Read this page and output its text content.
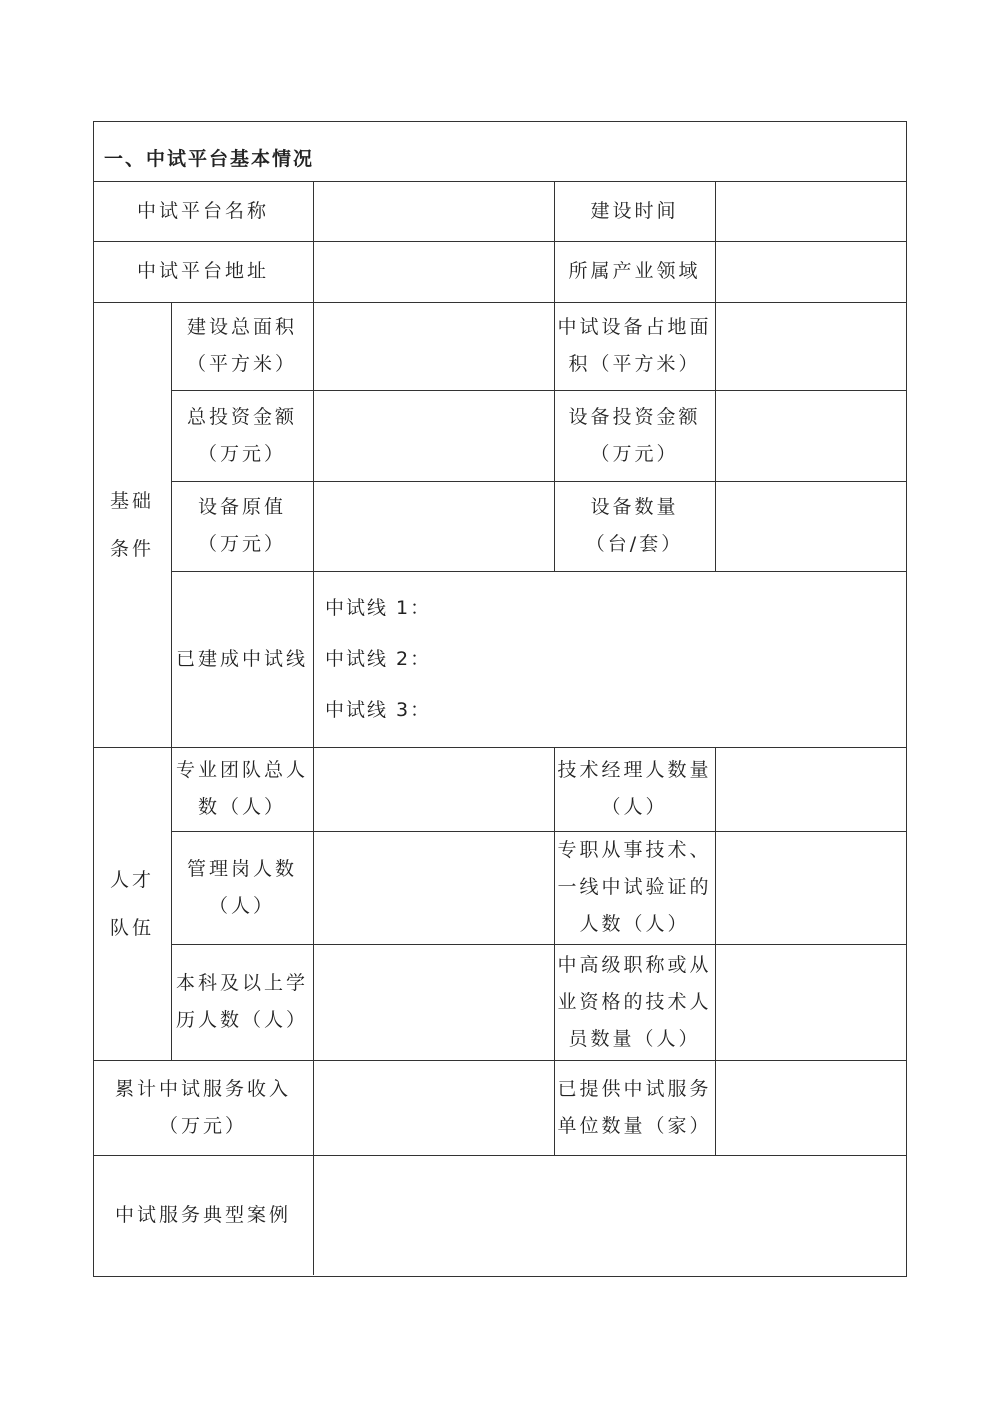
一、中试平台基本情况
中试平台名称	建设时间
中试平台地址	所属产业领域
基础
条件
建设总面积
（平方米）
中试设备占地面
积（平方米）
总投资金额
（万元）
设备投资金额
（万元）
设备原值
（万元）
设备数量
（台/套）
已建成中试线
中试线 1：
中试线 2：
中试线 3：
人才
队伍
专业团队总人
数（人）
技术经理人数量
（人）
管理岗人数
（人）
专职从事技术、
一线中试验证的
人数（人）
本科及以上学
历人数（人）
中高级职称或从
业资格的技术人
员数量（人）
累计中试服务收入
（万元）
已提供中试服务
单位数量（家）
中试服务典型案例
